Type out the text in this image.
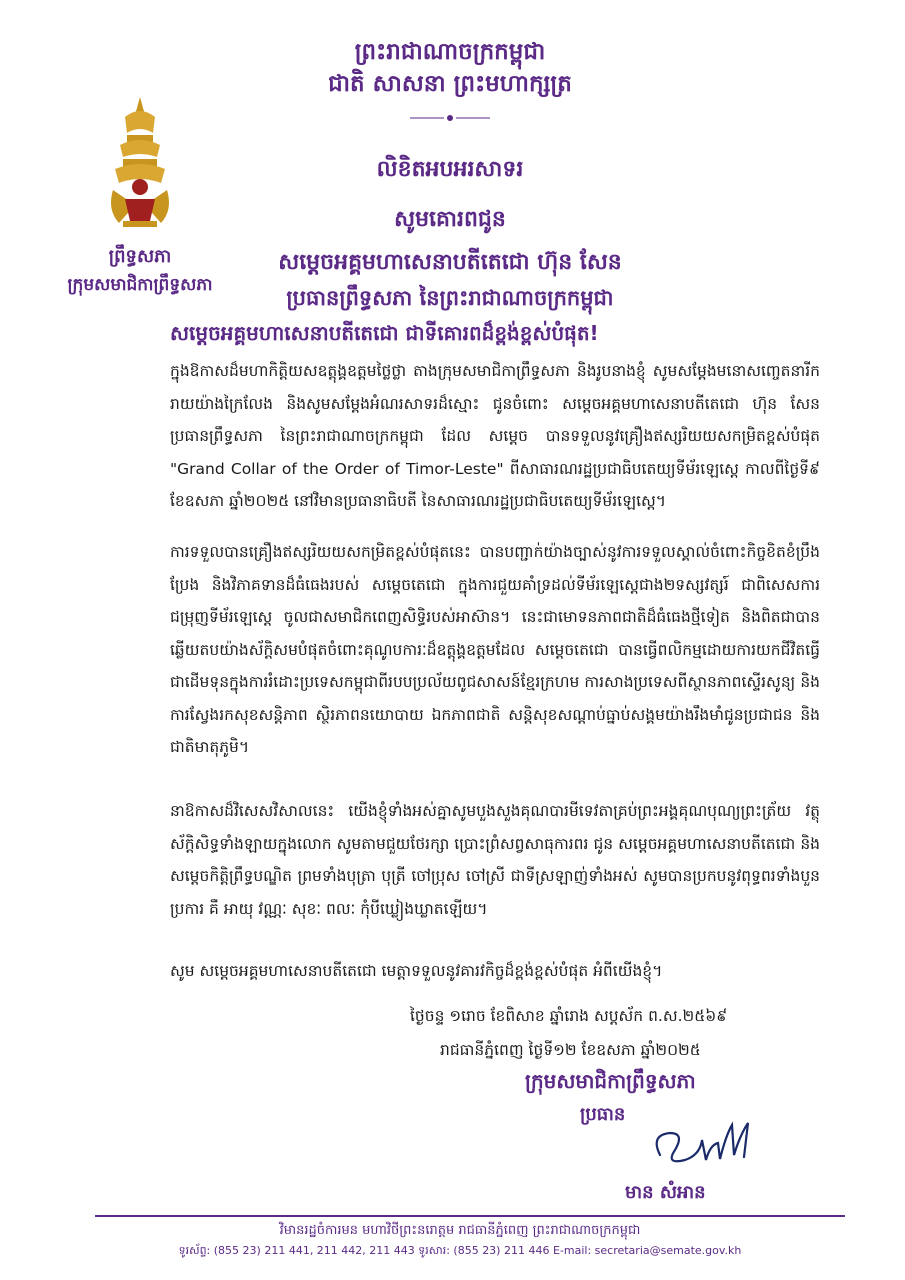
ព្រះរាជាណាចក្រកម្ពុជា
ជាតិ សាសនា ព្រះមហាក្សត្រ
ព្រឹទ្ធសភា
ក្រុមសមាជិកាព្រឹទ្ធសភា
លិខិតអបអរសាទរ
សូមគោរពជូន
សម្តេចអគ្គមហាសេនាបតីតេជោ ហ៊ុន សែន
ប្រធានព្រឹទ្ធសភា នៃព្រះរាជាណាចក្រកម្ពុជា
សម្តេចអគ្គមហាសេនាបតីតេជោ ជាទីគោរពដ៏ខ្ពង់ខ្ពស់បំផុត!
ក្នុងឱកាសដ៏មហាកិត្តិយសឧត្តុង្គឧត្តមថ្លៃថ្លា តាងក្រុមសមាជិកាព្រឹទ្ធសភា និងរូបនាងខ្ញុំ សូមសម្តែងមនោសញ្ចេតនារីករាយយ៉ាងក្រៃលែង និងសូមសម្តែងអំណរសាទរដ៏ស្មោះ ជូនចំពោះ សម្តេចអគ្គមហាសេនាបតីតេជោ ហ៊ុន សែន ប្រធានព្រឹទ្ធសភា នៃព្រះរាជាណាចក្រកម្ពុជា ដែល សម្តេច បានទទួលនូវគ្រឿងឥស្សរិយយសកម្រិតខ្ពស់បំផុត "Grand Collar of the Order of Timor-Leste" ពីសាធារណរដ្ឋប្រជាធិបតេយ្យទីម័រឡេស្តេ កាលពីថ្ងៃទី៩ ខែឧសភា ឆ្នាំ២០២៥ នៅវិមានប្រធានាធិបតី នៃសាធារណរដ្ឋប្រជាធិបតេយ្យទីម័រឡេស្តេ។
ការទទួលបានគ្រឿងឥស្សរិយយសកម្រិតខ្ពស់បំផុតនេះ បានបញ្ជាក់យ៉ាងច្បាស់នូវការទទួលស្គាល់ចំពោះកិច្ចខិតខំប្រឹងប្រែង និងវិភាគទានដ៏ធំធេងរបស់ សម្តេចតេជោ ក្នុងការជួយគាំទ្រដល់ទីម័រឡេស្តេជាង២ទស្សវត្សរ៍ ជាពិសេសការជម្រុញទីម័រឡេស្តេ ចូលជាសមាជិកពេញសិទ្ធិរបស់អាស៊ាន។ នេះជាមោទនភាពជាតិដ៏ធំធេងថ្មីទៀត និងពិតជាបានឆ្លើយតបយ៉ាងស័ក្តិសមបំផុតចំពោះគុណូបការៈដ៏ឧត្តុង្គឧត្តមដែល សម្តេចតេជោ បានធ្វើពលិកម្មដោយការយកជីវិតធ្វើជាដើមទុនក្នុងការរំដោះប្រទេសកម្ពុជាពីរបបប្រល័យពូជសាសន៍ខ្មែរក្រហម ការសាងប្រទេសពីស្ថានភាពស្ទើរសូន្យ និងការស្វែងរកសុខសន្តិភាព ស្ថិរភាពនយោបាយ ឯកភាពជាតិ សន្តិសុខសណ្តាប់ធ្នាប់សង្គមយ៉ាងរឹងមាំជូនប្រជាជន និងជាតិមាតុភូមិ។
នាឱកាសដ៏វិសេសវិសាលនេះ យើងខ្ញុំទាំងអស់គ្នាសូមបួងសួងគុណបារមីទេវតាគ្រប់ព្រះអង្គគុណបុណ្យព្រះត្រ័យ វត្ថុស័ក្តិសិទ្ធទាំងឡាយក្នុងលោក សូមតាមជួយថែរក្សា ប្រោះព្រំសព្វសាធុការពរ ជូន សម្តេចអគ្គមហាសេនាបតីតេជោ និង សម្តេចកិត្តិព្រឹទ្ធបណ្ឌិត ព្រមទាំងបុត្រា បុត្រី ចៅប្រុស ចៅស្រី ជាទីស្រឡាញ់ទាំងអស់ សូមបានប្រកបនូវពុទ្ធពរទាំងបួនប្រការ គឺ អាយុ វណ្ណៈ សុខៈ ពលៈ កុំបីឃ្លៀងឃ្លាតឡើយ។
សូម សម្តេចអគ្គមហាសេនាបតីតេជោ មេត្តាទទួលនូវគារវកិច្ចដ៏ខ្ពង់ខ្ពស់បំផុត អំពីយើងខ្ញុំ។
ថ្ងៃចន្ទ ១រោច ខែពិសាខ ឆ្នាំរោង សប្តស័ក ព.ស.២៥៦៩
រាជធានីភ្នំពេញ ថ្ងៃទី១២ ខែឧសភា ឆ្នាំ២០២៥
ក្រុមសមាជិកាព្រឹទ្ធសភា
ប្រធាន
មាន សំអាន
វិមានរដ្ឋចំការមន មហាវិថីព្រះនរោត្តម រាជធានីភ្នំពេញ ព្រះរាជាណាចក្រកម្ពុជា
ទូរស័ព្ទ: (855 23) 211 441, 211 442, 211 443 ទូរសារ: (855 23) 211 446 E-mail: secretaria@semate.gov.kh
